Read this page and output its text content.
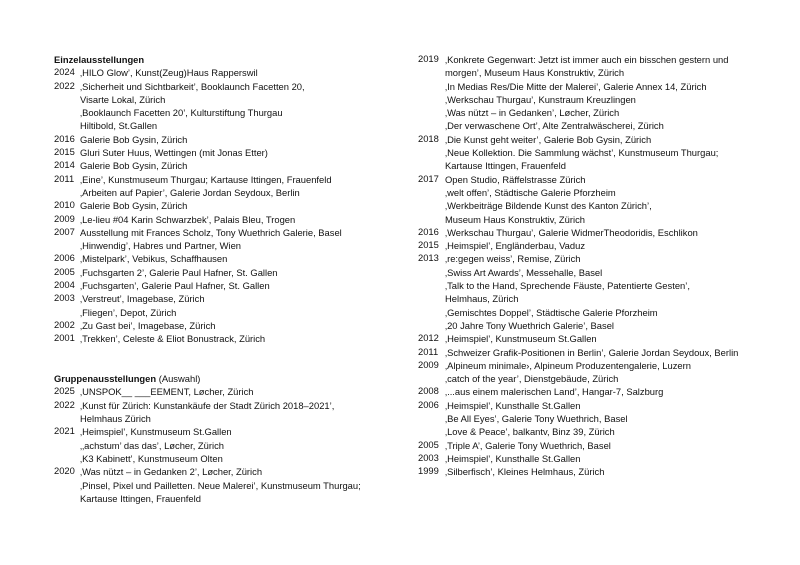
Einzelausstellungen
2024 ‚HILO Glow’, Kunst(Zeug)Haus Rapperswil
2022 ‚Sicherheit und Sichtbarkeit’, Booklaunch Facetten 20,
Visarte Lokal, Zürich
‚Booklaunch Facetten 20’, Kulturstiftung Thurgau
Hiltibold, St.Gallen
2016 Galerie Bob Gysin, Zürich
2015 Gluri Suter Huus, Wettingen (mit Jonas Etter)
2014 Galerie Bob Gysin, Zürich
2011 ‚Eine’, Kunstmuseum Thurgau; Kartause Ittingen, Frauenfeld
‚Arbeiten auf Papier’, Galerie Jordan Seydoux, Berlin
2010 Galerie Bob Gysin, Zürich
2009 ‚Le-lieu #04 Karin Schwarzbek’, Palais Bleu, Trogen
2007 Ausstellung mit Frances Scholz, Tony Wuethrich Galerie, Basel
‚Hinwendig’, Habres und Partner, Wien
2006 ‚Mistelpark’, Vebikus, Schaffhausen
2005 ‚Fuchsgarten 2’, Galerie Paul Hafner, St. Gallen
2004 ‚Fuchsgarten’, Galerie Paul Hafner, St. Gallen
2003 ‚Verstreut’, Imagebase, Zürich
‚Fliegen’, Depot, Zürich
2002 ‚Zu Gast bei’, Imagebase, Zürich
2001 ‚Trekken’, Celeste & Eliot Bonustrack, Zürich
Gruppenausstellungen (Auswahl)
2025 ‚UNSPOK__ ___EEMENT, Løcher, Zürich
2022 ‚Kunst für Zürich: Kunstankäufe der Stadt Zürich 2018–2021’,
Helmhaus Zürich
2021 ‚Heimspiel’, Kunstmuseum St.Gallen
‚‚achstum’ das das’, Løcher, Zürich
‚K3 Kabinett’, Kunstmuseum Olten
2020 ‚Was nützt – in Gedanken 2’, Løcher, Zürich
‚Pinsel, Pixel und Pailletten. Neue Malerei’, Kunstmuseum Thurgau;
Kartause Ittingen, Frauenfeld
2019 ‚Konkrete Gegenwart: Jetzt ist immer auch ein bisschen gestern und
morgen’, Museum Haus Konstruktiv, Zürich
‚In Medias Res/Die Mitte der Malerei’, Galerie Annex 14, Zürich
‚Werkschau Thurgau’, Kunstraum Kreuzlingen
‚Was nützt – in Gedanken’, Løcher, Zürich
‚Der verwaschene Ort’, Alte Zentralwäscherei, Zürich
2018 ‚Die Kunst geht weiter’, Galerie Bob Gysin, Zürich
‚Neue Kollektion. Die Sammlung wächst’, Kunstmuseum Thurgau;
Kartause Ittingen, Frauenfeld
2017 Open Studio, Räffelstrasse Zürich
‚welt offen’, Städtische Galerie Pforzheim
‚Werkbeiträge Bildende Kunst des Kanton Zürich’,
Museum Haus Konstruktiv, Zürich
2016 ‚Werkschau Thurgau’, Galerie WidmerTheodoridis, Eschlikon
2015 ‚Heimspiel’, Engländerbau, Vaduz
2013 ‚re:gegen weiss’, Remise, Zürich
‚Swiss Art Awards’, Messehalle, Basel
‚Talk to the Hand, Sprechende Fäuste, Patentierte Gesten’,
Helmhaus, Zürich
‚Gemischtes Doppel’, Städtische Galerie Pforzheim
‚20 Jahre Tony Wuethrich Galerie’, Basel
2012 ‚Heimspiel’, Kunstmuseum St.Gallen
2011 ‚Schweizer Grafik-Positionen in Berlin’, Galerie Jordan Seydoux, Berlin
2009 ‚Alpineum minimale›, Alpineum Produzentengalerie, Luzern
‚catch of the year’, Dienstgebäude, Zürich
2008 ‚...aus einem malerischen Land’, Hangar-7, Salzburg
2006 ‚Heimspiel’, Kunsthalle St.Gallen
‚Be All Eyes’, Galerie Tony Wuethrich, Basel
‚Love & Peace’, balkantv, Binz 39, Zürich
2005 ‚Triple A’, Galerie Tony Wuethrich, Basel
2003 ‚Heimspiel’, Kunsthalle St.Gallen
1999 ‚Silberfisch’, Kleines Helmhaus, Zürich
